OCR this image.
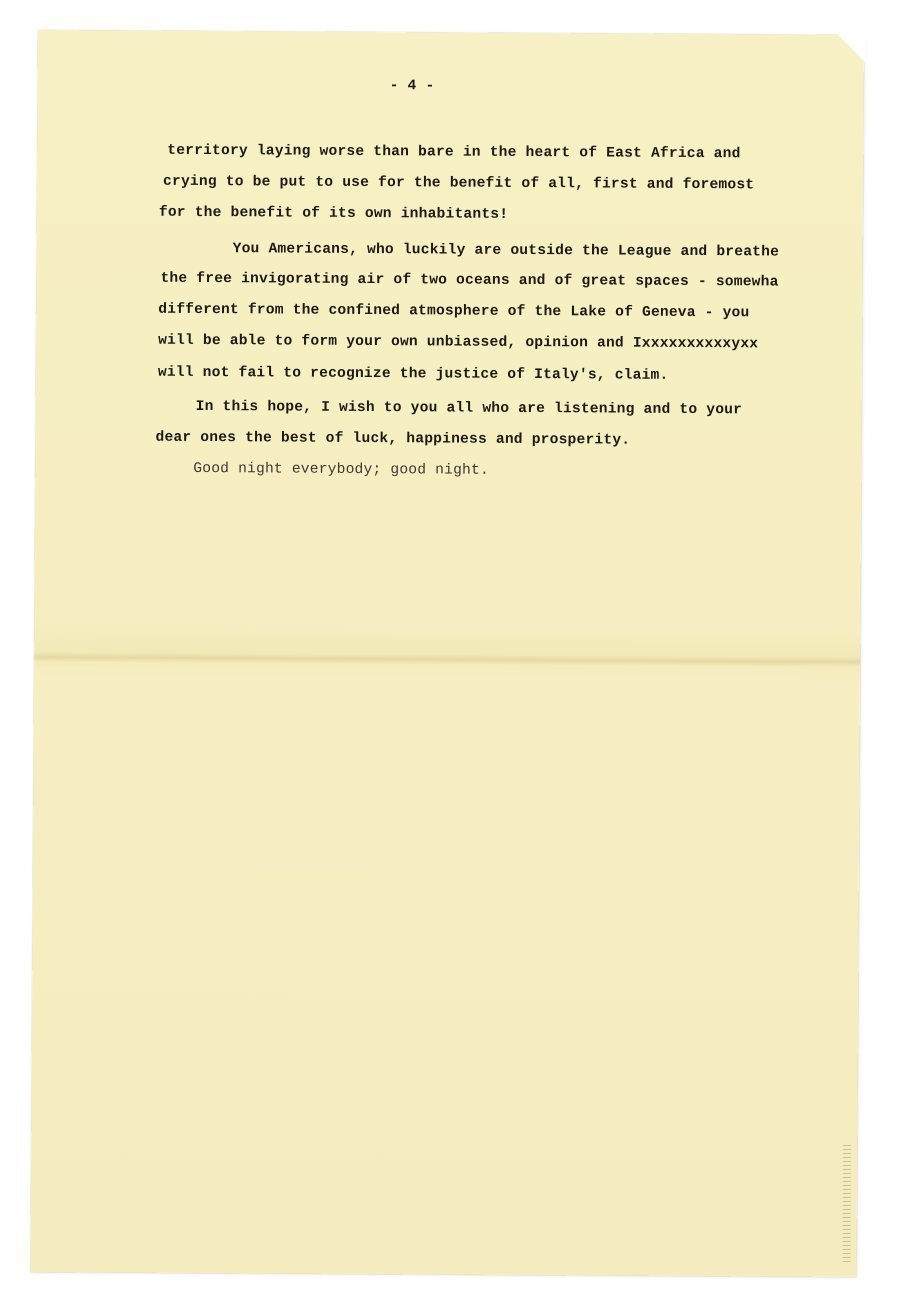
- 4 -
territory laying worse than bare in the heart of East Africa and
crying to be put to use for the benefit of all, first and foremost
for the benefit of its own inhabitants!
You Americans, who luckily are outside the League and breathe
the free invigorating air of two oceans and of great spaces - somewha
different from the confined atmosphere of the Lake of Geneva - you
will be able to form your own unbiassed, opinion and Ixxxxxxxxxxyxx
will not fail to recognize the justice of Italy's, claim.
In this hope, I wish to you all who are listening and to your
dear ones the best of luck, happiness and prosperity.
Good night everybody; good night.
